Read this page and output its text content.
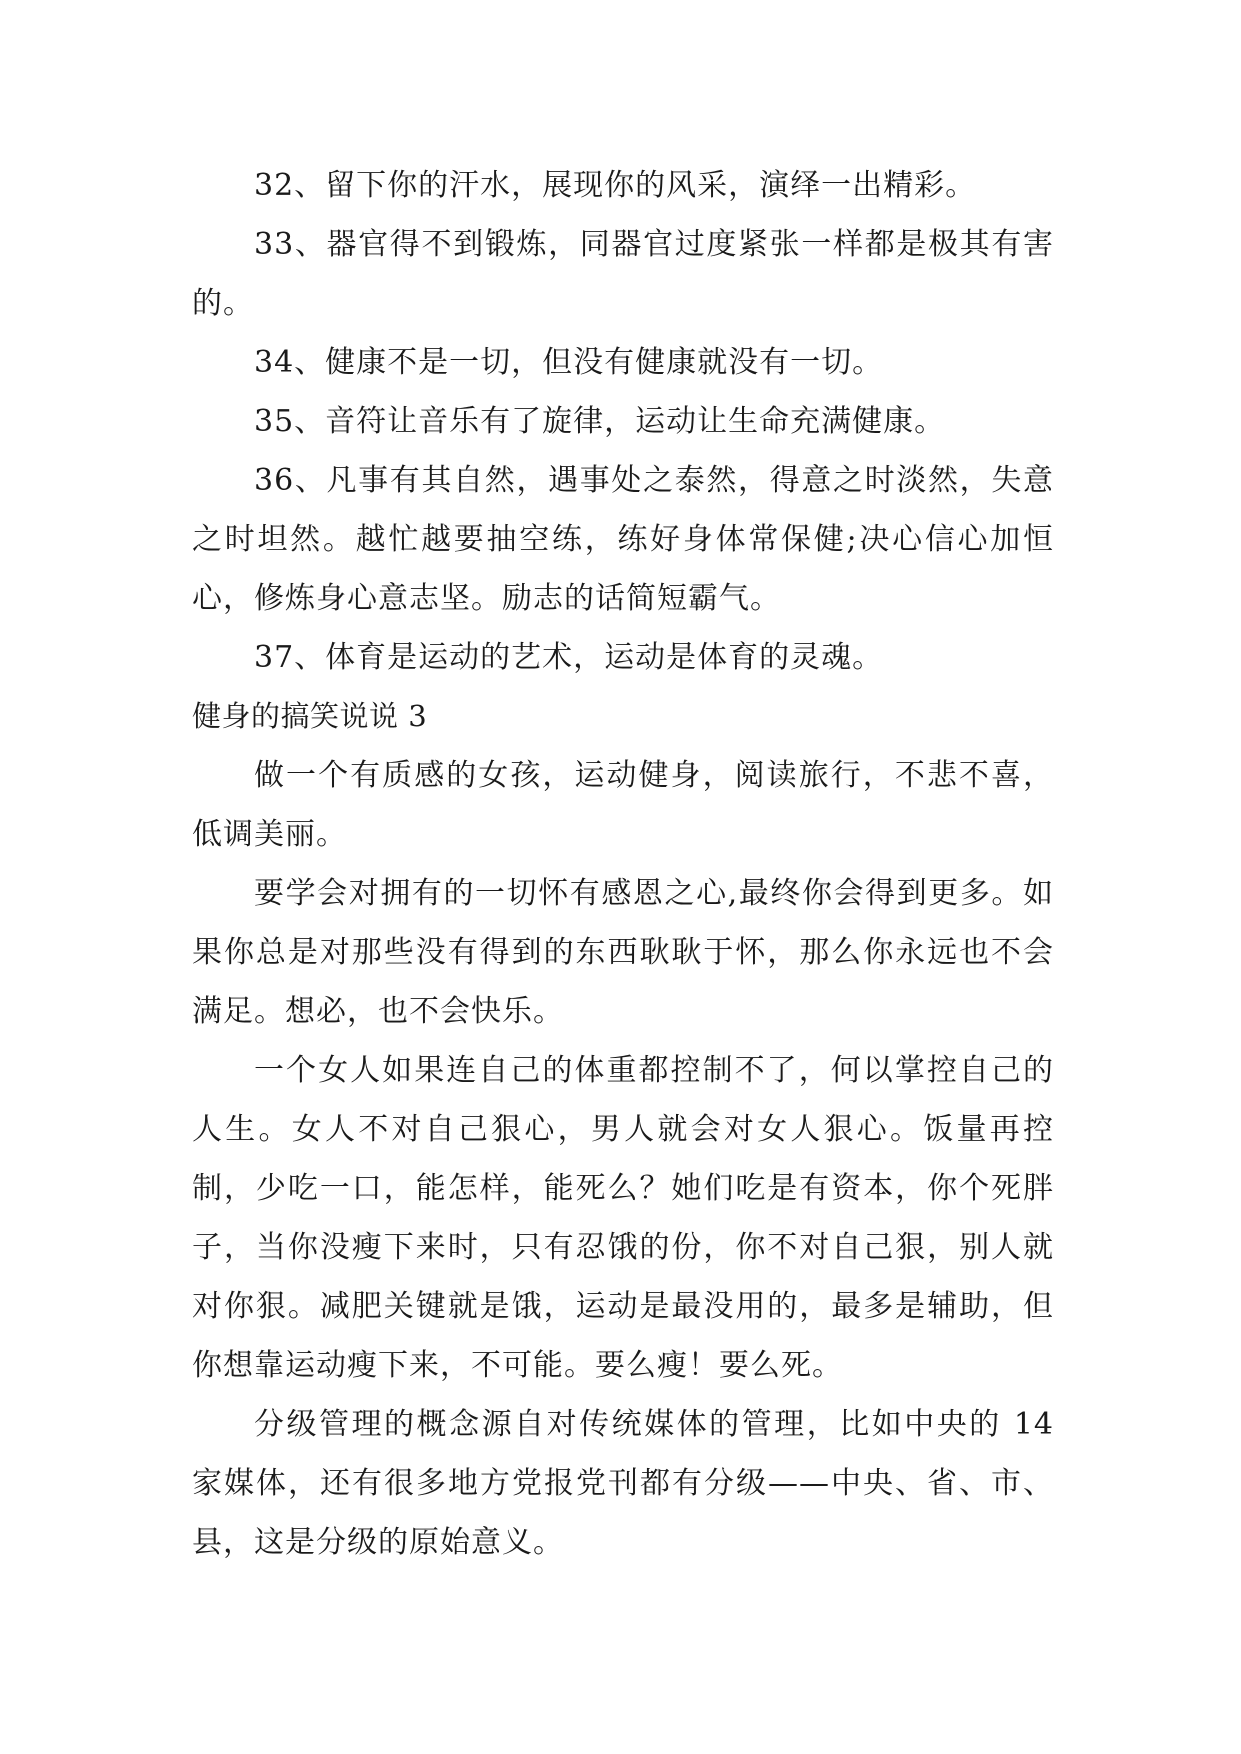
32、留下你的汗水，展现你的风采，演绎一出精彩。

33、器官得不到锻炼，同器官过度紧张一样都是极其有害的。

34、健康不是一切，但没有健康就没有一切。

35、音符让音乐有了旋律，运动让生命充满健康。

36、凡事有其自然，遇事处之泰然，得意之时淡然，失意之时坦然。越忙越要抽空练，练好身体常保健;决心信心加恒心，修炼身心意志坚。励志的话简短霸气。

37、体育是运动的艺术，运动是体育的灵魂。

健身的搞笑说说 3

做一个有质感的女孩，运动健身，阅读旅行，不悲不喜，低调美丽。

要学会对拥有的一切怀有感恩之心,最终你会得到更多。如果你总是对那些没有得到的东西耿耿于怀，那么你永远也不会满足。想必，也不会快乐。

一个女人如果连自己的体重都控制不了，何以掌控自己的人生。女人不对自己狠心，男人就会对女人狠心。饭量再控制，少吃一口，能怎样，能死么？她们吃是有资本，你个死胖子，当你没瘦下来时，只有忍饿的份，你不对自己狠，别人就对你狠。减肥关键就是饿，运动是最没用的，最多是辅助，但你想靠运动瘦下来，不可能。要么瘦！要么死。

分级管理的概念源自对传统媒体的管理，比如中央的 14 家媒体，还有很多地方党报党刊都有分级——中央、省、市、县，这是分级的原始意义。
